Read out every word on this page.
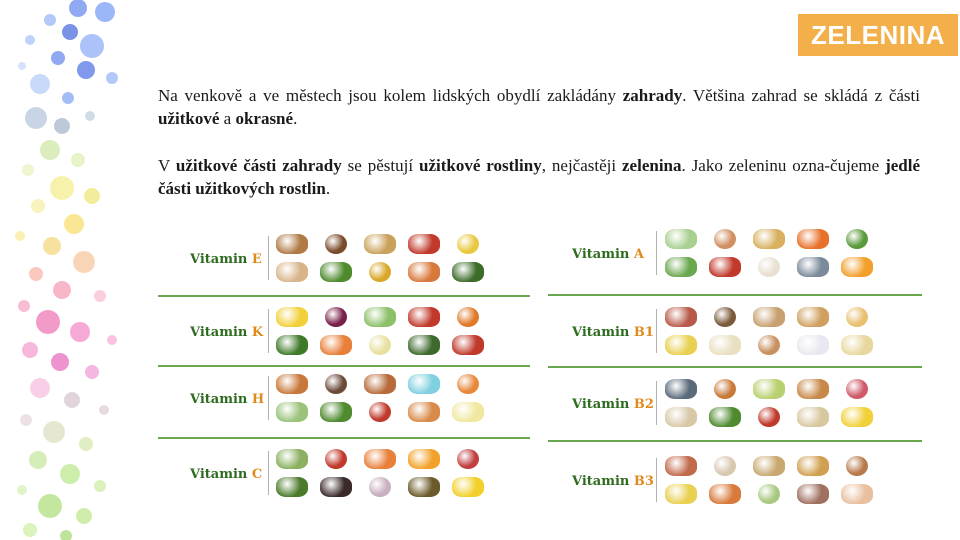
ZELENINA
Na venkově a ve městech jsou kolem lidských obydlí zakládány zahrady. Většina zahrad se skládá z části užitkové a okrasné.
V užitkové části zahrady se pěstují užitkové rostliny, nejčastěji zelenina. Jako zeleninu ozna-čujeme jedlé části užitkových rostlin.
Vitamin E
Vitamin K
Vitamin H
Vitamin C
Vitamin A
Vitamin B1
Vitamin B2
Vitamin B3
